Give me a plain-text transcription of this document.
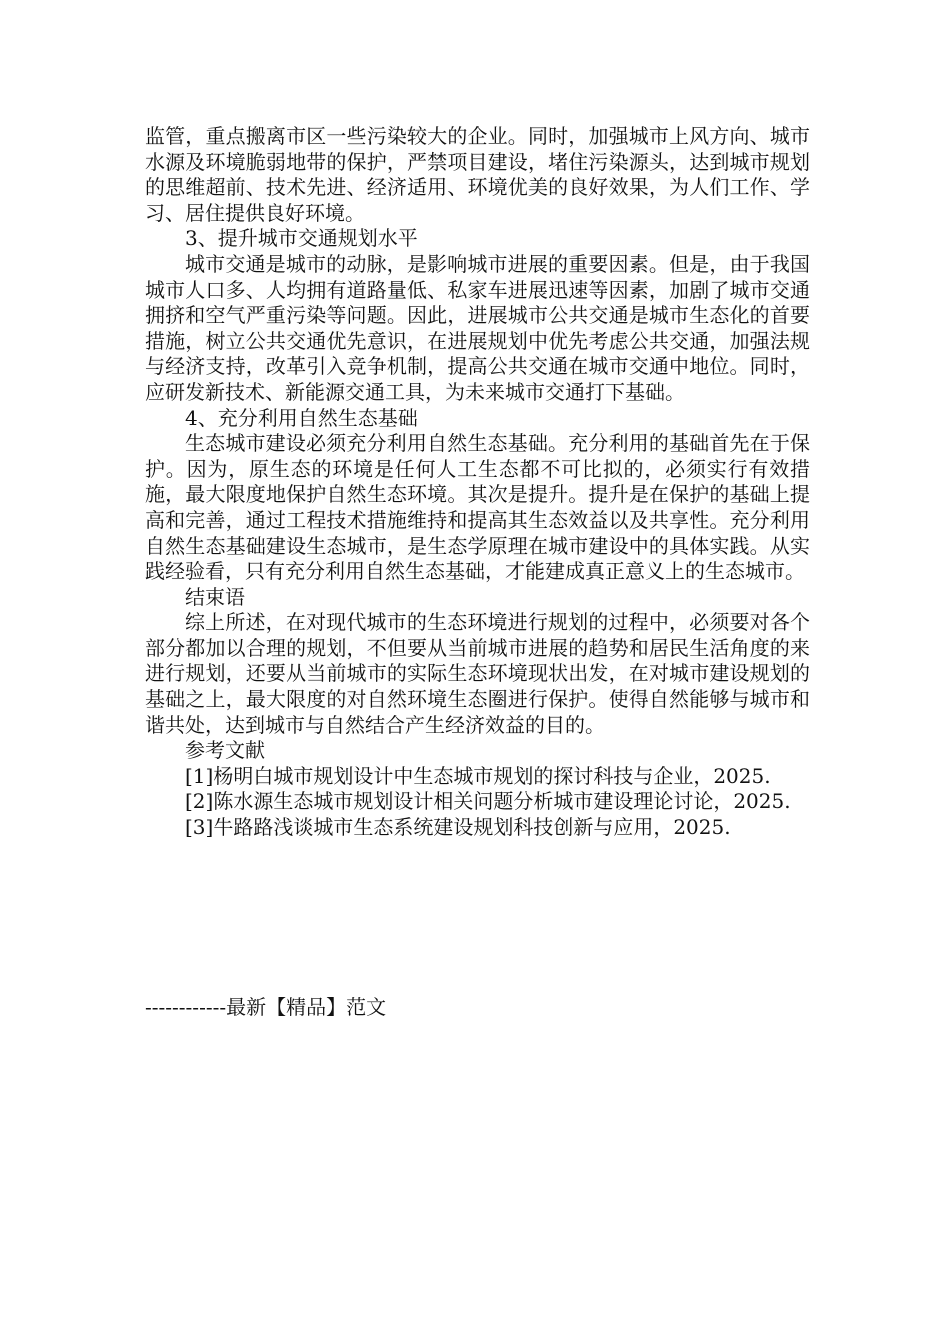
监管，重点搬离市区一些污染较大的企业。同时，加强城市上风方向、城市水源及环境脆弱地带的保护，严禁项目建设，堵住污染源头，达到城市规划的思维超前、技术先进、经济适用、环境优美的良好效果，为人们工作、学习、居住提供良好环境。

3、提升城市交通规划水平

城市交通是城市的动脉，是影响城市进展的重要因素。但是，由于我国城市人口多、人均拥有道路量低、私家车进展迅速等因素，加剧了城市交通拥挤和空气严重污染等问题。因此，进展城市公共交通是城市生态化的首要措施，树立公共交通优先意识，在进展规划中优先考虑公共交通，加强法规与经济支持，改革引入竞争机制，提高公共交通在城市交通中地位。同时，应研发新技术、新能源交通工具，为未来城市交通打下基础。

4、充分利用自然生态基础

生态城市建设必须充分利用自然生态基础。充分利用的基础首先在于保护。因为，原生态的环境是任何人工生态都不可比拟的，必须实行有效措施，最大限度地保护自然生态环境。其次是提升。提升是在保护的基础上提高和完善，通过工程技术措施维持和提高其生态效益以及共享性。充分利用自然生态基础建设生态城市，是生态学原理在城市建设中的具体实践。从实践经验看，只有充分利用自然生态基础，才能建成真正意义上的生态城市。

结束语

综上所述，在对现代城市的生态环境进行规划的过程中，必须要对各个部分都加以合理的规划，不但要从当前城市进展的趋势和居民生活角度的来进行规划，还要从当前城市的实际生态环境现状出发，在对城市建设规划的基础之上，最大限度的对自然环境生态圈进行保护。使得自然能够与城市和谐共处，达到城市与自然结合产生经济效益的目的。

参考文献

[1]杨明白城市规划设计中生态城市规划的探讨科技与企业，2025.

[2]陈水源生态城市规划设计相关问题分析城市建设理论讨论，2025.

[3]牛路路浅谈城市生态系统建设规划科技创新与应用，2025.

------------最新【精品】范文
